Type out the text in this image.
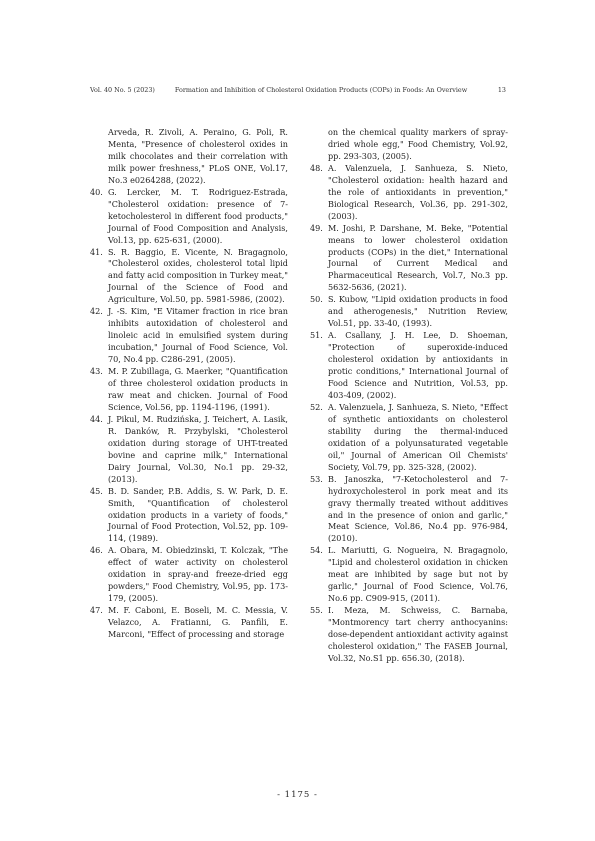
Vol. 40 No. 5 (2023)	Formation and Inhibition of Cholesterol Oxidation Products (COPs) in Foods: An Overview	13
Arveda, R. Zivoli, A. Peraino, G. Poli, R. Menta, "Presence of cholesterol oxides in milk chocolates and their correlation with milk power freshness," PLoS ONE, Vol.17, No.3 e0264288, (2022).
40. G. Lercker, M. T. Rodriguez-Estrada, "Cholesterol oxidation: presence of 7-ketocholesterol in different food products," Journal of Food Composition and Analysis, Vol.13, pp. 625-631, (2000).
41. S. R. Baggio, E. Vicente, N. Bragagnolo, "Cholesterol oxides, cholesterol total lipid and fatty acid composition in Turkey meat," Journal of the Science of Food and Agriculture, Vol.50, pp. 5981-5986, (2002).
42. J. -S. Kim, "E Vitamer fraction in rice bran inhibits autoxidation of cholesterol and linoleic acid in emulsified system during incubation," Journal of Food Science, Vol. 70, No.4 pp. C286-291, (2005).
43. M. P. Zubillaga, G. Maerker, "Quantification of three cholesterol oxidation products in raw meat and chicken. Journal of Food Science, Vol.56, pp. 1194-1196, (1991).
44. J. Pikul, M. Rudzińska, J. Teichert, A. Lasik, R. Danków, R. Przybylski, "Cholesterol oxidation during storage of UHT-treated bovine and caprine milk," International Dairy Journal, Vol.30, No.1 pp. 29-32, (2013).
45. B. D. Sander, P.B. Addis, S. W. Park, D. E. Smith, "Quantification of cholesterol oxidation products in a variety of foods," Journal of Food Protection, Vol.52, pp. 109-114, (1989).
46. A. Obara, M. Obiedzinski, T. Kolczak, "The effect of water activity on cholesterol oxidation in spray-and freeze-dried egg powders," Food Chemistry, Vol.95, pp. 173-179, (2005).
47. M. F. Caboni, E. Boseli, M. C. Messia, V. Velazco, A. Fratianni, G. Panfili, E. Marconi, "Effect of processing and storage
on the chemical quality markers of spray-dried whole egg," Food Chemistry, Vol.92, pp. 293-303, (2005).
48. A. Valenzuela, J. Sanhueza, S. Nieto, "Cholesterol oxidation: health hazard and the role of antioxidants in prevention," Biological Research, Vol.36, pp. 291-302, (2003).
49. M. Joshi, P. Darshane, M. Beke, "Potential means to lower cholesterol oxidation products (COPs) in the diet," International Journal of Current Medical and Pharmaceutical Research, Vol.7, No.3 pp. 5632-5636, (2021).
50. S. Kubow, "Lipid oxidation products in food and atherogenesis," Nutrition Review, Vol.51, pp. 33-40, (1993).
51. A. Csallany, J. H. Lee, D. Shoeman, "Protection of superoxide-induced cholesterol oxidation by antioxidants in protic conditions," International Journal of Food Science and Nutrition, Vol.53, pp. 403-409, (2002).
52. A. Valenzuela, J. Sanhueza, S. Nieto, "Effect of synthetic antioxidants on cholesterol stability during the thermal-induced oxidation of a polyunsaturated vegetable oil," Journal of American Oil Chemists' Society, Vol.79, pp. 325-328, (2002).
53. B. Janoszka, "7-Ketocholesterol and 7-hydroxycholesterol in pork meat and its gravy thermally treated without additives and in the presence of onion and garlic," Meat Science, Vol.86, No.4 pp. 976-984, (2010).
54. L. Mariutti, G. Nogueira, N. Bragagnolo, "Lipid and cholesterol oxidation in chicken meat are inhibited by sage but not by garlic," Journal of Food Science, Vol.76, No.6 pp. C909-915, (2011).
55. I. Meza, M. Schweiss, C. Barnaba, "Montmorency tart cherry anthocyanins: dose-dependent antioxidant activity against cholesterol oxidation," The FASEB Journal, Vol.32, No.S1 pp. 656.30, (2018).
- 1175 -
